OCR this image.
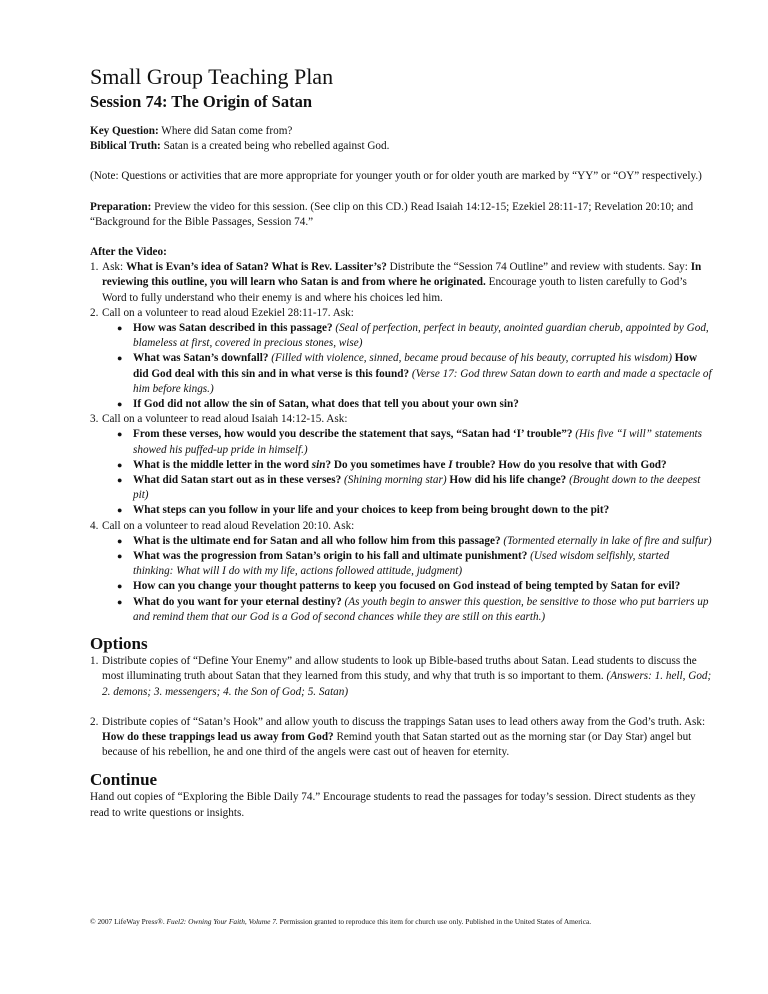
Small Group Teaching Plan
Session 74: The Origin of Satan

Key Question: Where did Satan come from?

Biblical Truth: Satan is a created being who rebelled against God.

(Note: Questions or activities that are more appropriate for younger youth or for older youth are marked by “YY” or “OY” respectively.)

Preparation: Preview the video for this session. (See clip on this CD.) Read Isaiah 14:12-15; Ezekiel 28:11-17; Revelation 20:10; and “Background for the Bible Passages, Session 74.”

After the Video:

1. Ask: What is Evan’s idea of Satan? What is Rev. Lassiter’s? Distribute the “Session 74 Outline” and review with students. Say: In reviewing this outline, you will learn who Satan is and from where he originated. Encourage youth to listen carefully to God’s Word to fully understand who their enemy is and where his choices led him.
2. Call on a volunteer to read aloud Ezekiel 28:11-17. Ask:
● How was Satan described in this passage? (Seal of perfection, perfect in beauty, anointed guardian cherub, appointed by God, blameless at first, covered in precious stones, wise)
● What was Satan’s downfall? (Filled with violence, sinned, became proud because of his beauty, corrupted his wisdom) How did God deal with this sin and in what verse is this found? (Verse 17: God threw Satan down to earth and made a spectacle of him before kings.)
● If God did not allow the sin of Satan, what does that tell you about your own sin?
3. Call on a volunteer to read aloud Isaiah 14:12-15. Ask:
● From these verses, how would you describe the statement that says, “Satan had ‘I’ trouble”? (His five “I will” statements showed his puffed-up pride in himself.)
● What is the middle letter in the word sin? Do you sometimes have I trouble? How do you resolve that with God?
● What did Satan start out as in these verses? (Shining morning star) How did his life change? (Brought down to the deepest pit)
● What steps can you follow in your life and your choices to keep from being brought down to the pit?
4. Call on a volunteer to read aloud Revelation 20:10. Ask:
● What is the ultimate end for Satan and all who follow him from this passage? (Tormented eternally in lake of fire and sulfur)
● What was the progression from Satan’s origin to his fall and ultimate punishment? (Used wisdom selfishly, started thinking: What will I do with my life, actions followed attitude, judgment)
● How can you change your thought patterns to keep you focused on God instead of being tempted by Satan for evil?
● What do you want for your eternal destiny? (As youth begin to answer this question, be sensitive to those who put barriers up and remind them that our God is a God of second chances while they are still on this earth.)
Options
1. Distribute copies of “Define Your Enemy” and allow students to look up Bible-based truths about Satan. Lead students to discuss the most illuminating truth about Satan that they learned from this study, and why that truth is so important to them. (Answers: 1. hell, God; 2. demons; 3. messengers; 4. the Son of God; 5. Satan)
2. Distribute copies of “Satan’s Hook” and allow youth to discuss the trappings Satan uses to lead others away from the God’s truth. Ask: How do these trappings lead us away from God? Remind youth that Satan started out as the morning star (or Day Star) angel but because of his rebellion, he and one third of the angels were cast out of heaven for eternity.
Continue

Hand out copies of “Exploring the Bible Daily 74.” Encourage students to read the passages for today’s session. Direct students as they read to write questions or insights.

© 2007 LifeWay Press®. Fuel2: Owning Your Faith, Volume 7. Permission granted to reproduce this item for church use only. Published in the United States of America.
